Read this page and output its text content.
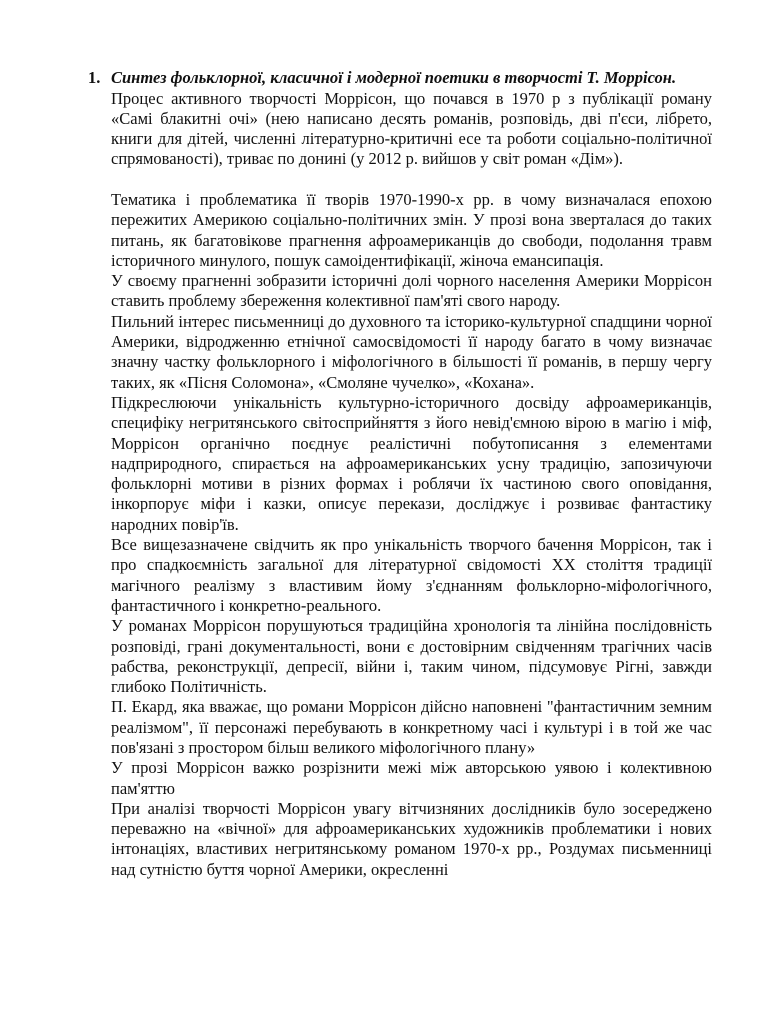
1. Синтез фольклорної, класичної і модерної поетики в творчості Т. Моррісон.

Процес активного творчості Моррісон, що почався в 1970 р з публікації роману «Самі блакитні очі» (нею написано десять романів, розповідь, дві п'єси, лібрето, книги для дітей, численні літературно-критичні есе та роботи соціально-політичної спрямованості), триває по донині (у 2012 р. вийшов у світ роман «Дім»).

Тематика і проблематика її творів 1970-1990-х рр. в чому визначалася епохою пережитих Америкою соціально-політичних змін. У прозі вона зверталася до таких питань, як багатовікове прагнення афроамериканців до свободи, подолання травм історичного минулого, пошук самоідентифікації, жіноча емансипація.

У своєму прагненні зобразити історичні долі чорного населення Америки Моррісон ставить проблему збереження колективної пам'яті свого народу.

Пильний інтерес письменниці до духовного та історико-культурної спадщини чорної Америки, відродженню етнічної самосвідомості її народу багато в чому визначає значну частку фольклорного і міфологічного в більшості її романів, в першу чергу таких, як «Пісня Соломона», «Смоляне чучелко», «Кохана».

Підкреслюючи унікальність культурно-історичного досвіду афроамериканців, специфіку негритянського світосприйняття з його невід'ємною вірою в магію і міф, Моррісон органічно поєднує реалістичні побутописання з елементами надприродного, спирається на афроамериканських усну традицію, запозичуючи фольклорні мотиви в різних формах і роблячи їх частиною свого оповідання, інкорпорує міфи і казки, описує перекази, досліджує і розвиває фантастику народних повір'їв.

Все вищезазначене свідчить як про унікальність творчого бачення Моррісон, так і про спадкоємність загальної для літературної свідомості XX століття традиції магічного реалізму з властивим йому з'єднанням фольклорно-міфологічного, фантастичного і конкретно-реального.

У романах Моррісон порушуються традиційна хронологія та лінійна послідовність розповіді, грані документальності, вони є достовірним свідченням трагічних часів рабства, реконструкції, депресії, війни і, таким чином, підсумовує Рігні, завжди глибоко Політичність.

П. Екард, яка вважає, що романи Моррісон дійсно наповнені "фантастичним земним реалізмом", її персонажі перебувають в конкретному часі і культурі і в той же час пов'язані з простором більш великого міфологічного плану»

У прозі Моррісон важко розрізнити межі між авторською уявою і колективною пам'яттю

При аналізі творчості Моррісон увагу вітчизняних дослідників було зосереджено переважно на «вічної» для афроамериканських художників проблематики і нових інтонаціях, властивих негритянському романом 1970-х рр., Роздумах письменниці над сутністю буття чорної Америки, окресленні
